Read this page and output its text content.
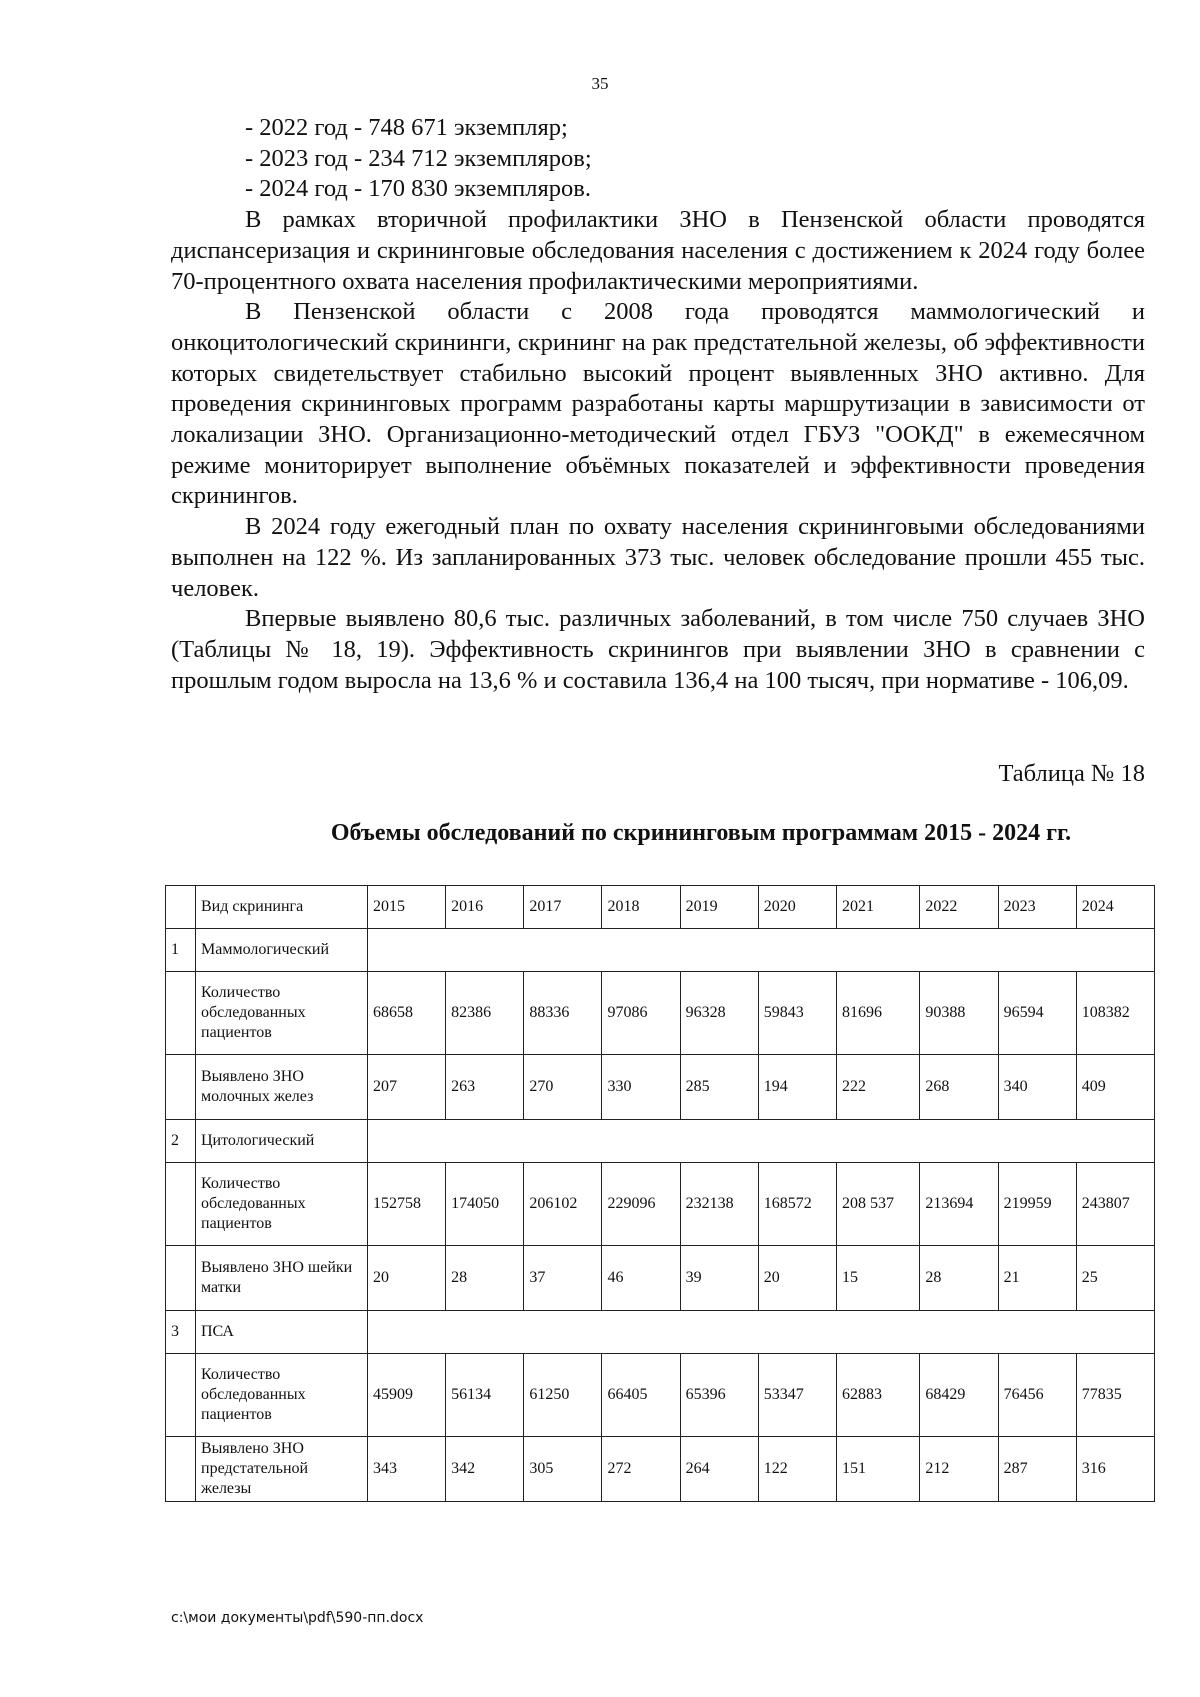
35
- 2022 год - 748 671 экземпляр;
- 2023 год - 234 712 экземпляров;
- 2024 год - 170 830 экземпляров.

В рамках вторичной профилактики ЗНО в Пензенской области проводятся диспансеризация и скрининговые обследования населения с достижением к 2024 году более 70-процентного охвата населения профилактическими мероприятиями.

В Пензенской области с 2008 года проводятся маммологический и онкоцитологический скрининги, скрининг на рак предстательной железы, об эффективности которых свидетельствует стабильно высокий процент выявленных ЗНО активно. Для проведения скрининговых программ разработаны карты маршрутизации в зависимости от локализации ЗНО. Организационно-методический отдел ГБУЗ "ООКД" в ежемесячном режиме мониторирует выполнение объёмных показателей и эффективности проведения скринингов.

В 2024 году ежегодный план по охвату населения скрининговыми обследованиями выполнен на 122 %. Из запланированных 373 тыс. человек обследование прошли 455 тыс. человек.

Впервые выявлено 80,6 тыс. различных заболеваний, в том числе 750 случаев ЗНО (Таблицы № 18, 19). Эффективность скринингов при выявлении ЗНО в сравнении с прошлым годом выросла на 13,6 % и составила 136,4 на 100 тысяч, при нормативе - 106,09.

Таблица № 18
Объемы обследований по скрининговым программам 2015 - 2024 гг.
	Вид скрининга	2015	2016	2017	2018	2019	2020	2021	2022	2023	2024
1	Маммологический										
	Количество обследованных пациентов	68658	82386	88336	97086	96328	59843	81696	90388	96594	108382
	Выявлено ЗНО молочных желез	207	263	270	330	285	194	222	268	340	409
2	Цитологический										
	Количество обследованных пациентов	152758	174050	206102	229096	232138	168572	208 537	213694	219959	243807
	Выявлено ЗНО шейки матки	20	28	37	46	39	20	15	28	21	25
3	ПСА										
	Количество обследованных пациентов	45909	56134	61250	66405	65396	53347	62883	68429	76456	77835
	Выявлено ЗНО предстательной железы	343	342	305	272	264	122	151	212	287	316
c:\мои документы\pdf\590-пп.docx
